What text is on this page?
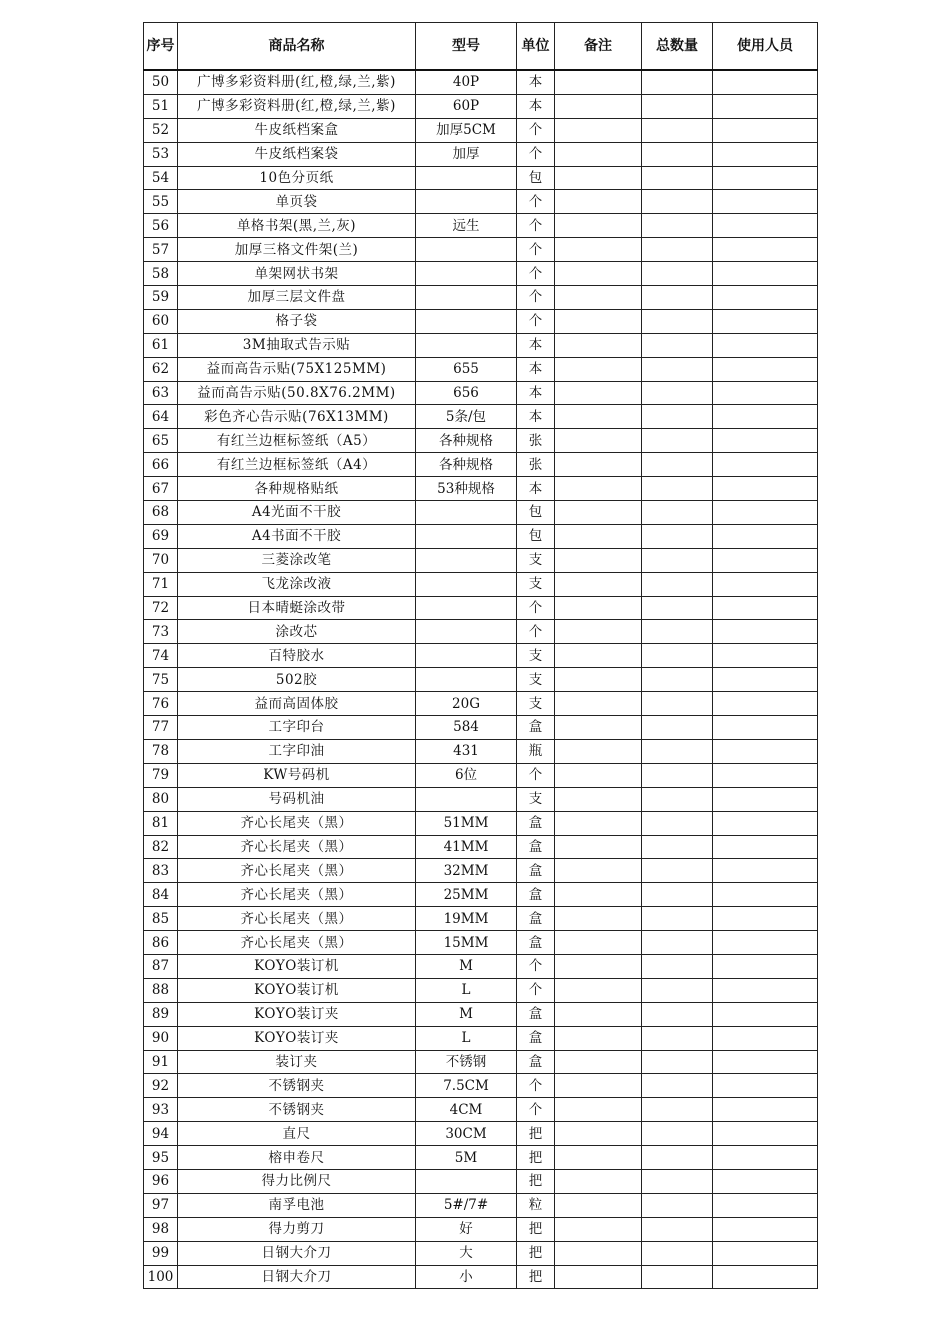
序号	商品名称	型号	单位	备注	总数量	使用人员
50	广博多彩资料册(红,橙,绿,兰,紫)	40P	本			
51	广博多彩资料册(红,橙,绿,兰,紫)	60P	本			
52	牛皮纸档案盒	加厚5CM	个			
53	牛皮纸档案袋	加厚	个			
54	10色分页纸		包			
55	单页袋		个			
56	单格书架(黑,兰,灰)	远生	个			
57	加厚三格文件架(兰)		个			
58	单架网状书架		个			
59	加厚三层文件盘		个			
60	格子袋		个			
61	3M抽取式告示贴		本			
62	益而高告示贴(75X125MM)	655	本			
63	益而高告示贴(50.8X76.2MM)	656	本			
64	彩色齐心告示贴(76X13MM)	5条/包	本			
65	有红兰边框标签纸（A5）	各种规格	张			
66	有红兰边框标签纸（A4）	各种规格	张			
67	各种规格贴纸	53种规格	本			
68	A4光面不干胶		包			
69	A4书面不干胶		包			
70	三菱涂改笔		支			
71	飞龙涂改液		支			
72	日本晴蜓涂改带		个			
73	涂改芯		个			
74	百特胶水		支			
75	502胶		支			
76	益而高固体胶	20G	支			
77	工字印台	584	盒			
78	工字印油	431	瓶			
79	KW号码机	6位	个			
80	号码机油		支			
81	齐心长尾夹（黑）	51MM	盒			
82	齐心长尾夹（黑）	41MM	盒			
83	齐心长尾夹（黑）	32MM	盒			
84	齐心长尾夹（黑）	25MM	盒			
85	齐心长尾夹（黑）	19MM	盒			
86	齐心长尾夹（黑）	15MM	盒			
87	KOYO装订机	M	个			
88	KOYO装订机	L	个			
89	KOYO装订夹	M	盒			
90	KOYO装订夹	L	盒			
91	装订夹	不锈钢	盒			
92	不锈钢夹	7.5CM	个			
93	不锈钢夹	4CM	个			
94	直尺	30CM	把			
95	榕申卷尺	5M	把			
96	得力比例尺		把			
97	南孚电池	5#/7#	粒			
98	得力剪刀	好	把			
99	日钢大介刀	大	把			
100	日钢大介刀	小	把			
